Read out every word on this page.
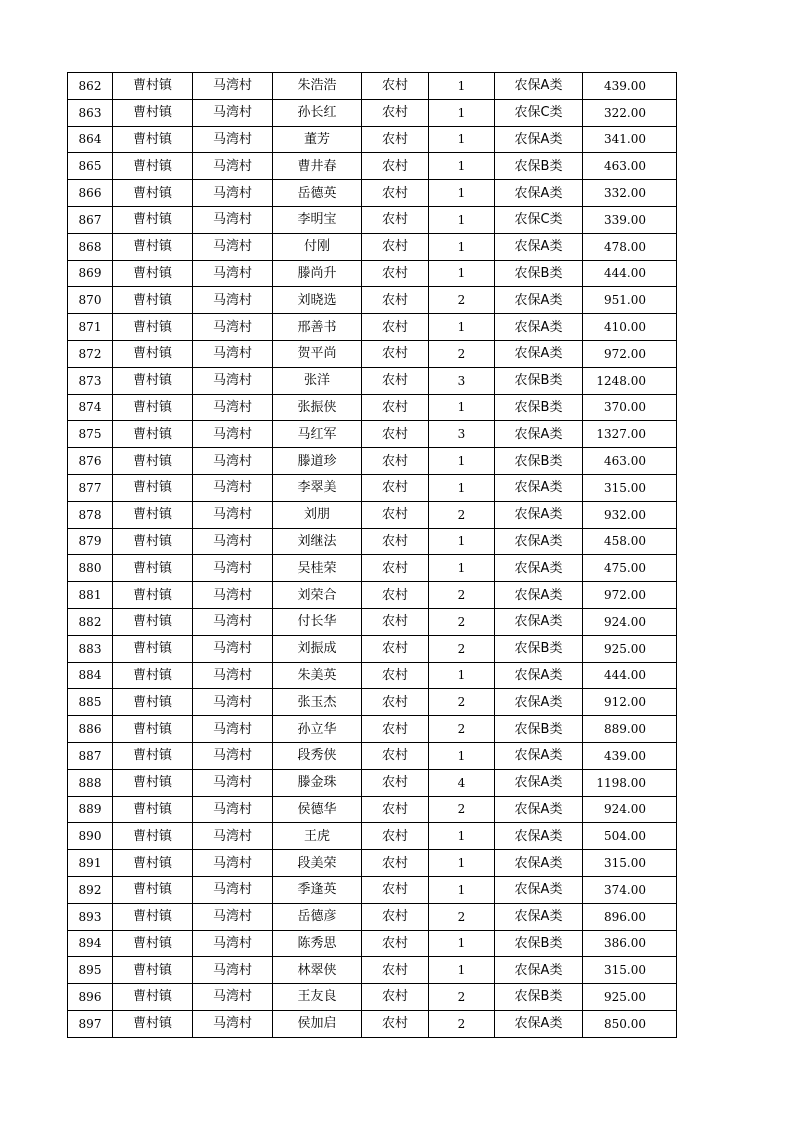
862	曹村镇	马湾村	朱浩浩	农村	1	农保A类	439.00
863	曹村镇	马湾村	孙长红	农村	1	农保C类	322.00
864	曹村镇	马湾村	董芳	农村	1	农保A类	341.00
865	曹村镇	马湾村	曹井春	农村	1	农保B类	463.00
866	曹村镇	马湾村	岳德英	农村	1	农保A类	332.00
867	曹村镇	马湾村	李明宝	农村	1	农保C类	339.00
868	曹村镇	马湾村	付刚	农村	1	农保A类	478.00
869	曹村镇	马湾村	滕尚升	农村	1	农保B类	444.00
870	曹村镇	马湾村	刘晓选	农村	2	农保A类	951.00
871	曹村镇	马湾村	邢善书	农村	1	农保A类	410.00
872	曹村镇	马湾村	贺平尚	农村	2	农保A类	972.00
873	曹村镇	马湾村	张洋	农村	3	农保B类	1248.00
874	曹村镇	马湾村	张振侠	农村	1	农保B类	370.00
875	曹村镇	马湾村	马红军	农村	3	农保A类	1327.00
876	曹村镇	马湾村	滕道珍	农村	1	农保B类	463.00
877	曹村镇	马湾村	李翠美	农村	1	农保A类	315.00
878	曹村镇	马湾村	刘朋	农村	2	农保A类	932.00
879	曹村镇	马湾村	刘继法	农村	1	农保A类	458.00
880	曹村镇	马湾村	吴桂荣	农村	1	农保A类	475.00
881	曹村镇	马湾村	刘荣合	农村	2	农保A类	972.00
882	曹村镇	马湾村	付长华	农村	2	农保A类	924.00
883	曹村镇	马湾村	刘振成	农村	2	农保B类	925.00
884	曹村镇	马湾村	朱美英	农村	1	农保A类	444.00
885	曹村镇	马湾村	张玉杰	农村	2	农保A类	912.00
886	曹村镇	马湾村	孙立华	农村	2	农保B类	889.00
887	曹村镇	马湾村	段秀侠	农村	1	农保A类	439.00
888	曹村镇	马湾村	滕金珠	农村	4	农保A类	1198.00
889	曹村镇	马湾村	侯德华	农村	2	农保A类	924.00
890	曹村镇	马湾村	王虎	农村	1	农保A类	504.00
891	曹村镇	马湾村	段美荣	农村	1	农保A类	315.00
892	曹村镇	马湾村	季逢英	农村	1	农保A类	374.00
893	曹村镇	马湾村	岳德彦	农村	2	农保A类	896.00
894	曹村镇	马湾村	陈秀思	农村	1	农保B类	386.00
895	曹村镇	马湾村	林翠侠	农村	1	农保A类	315.00
896	曹村镇	马湾村	王友良	农村	2	农保B类	925.00
897	曹村镇	马湾村	侯加启	农村	2	农保A类	850.00
